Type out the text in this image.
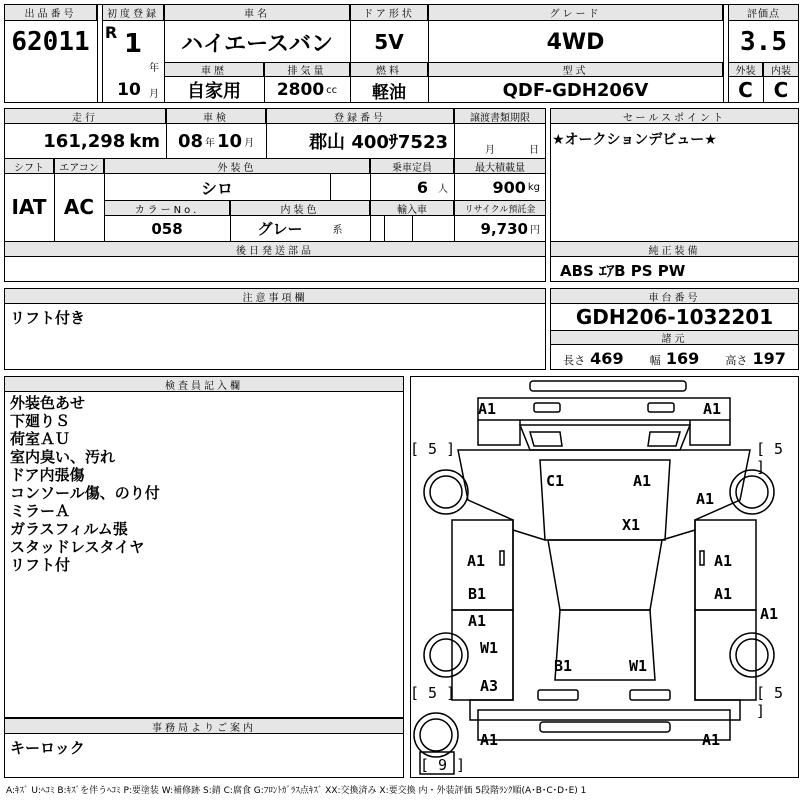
出品番号
62011
初度登録
R 1
年
10 月
車名
ハイエースバン
車歴	排気量
自家用	2800 cc
ドア形状
5V
燃料
軽油
グレード
4WD
型式
QDF-GDH206V
評価点
3.5
外装	内装
C	C
走行
161,298 km
車検
08 年 10 月
登録番号
郡山 400ｻ7523
譲渡書類期限
月	日
シフト	エアコン
IAT AC
外装色
シロ
乗車定員
6 人
最大積載量
900 kg
カラーNo.	内装色	輸入車	リサイクル預託金
058	グレー	系	9,730 円
後日発送部品
セールスポイント
★オークションデビュー★
純正装備
ABS ｴｱB PS PW
注意事項欄
リフト付き
車台番号
GDH206-1032201
諸元
長さ 469 幅 169 高さ 197
検査員記入欄
外装色あせ
下廻りＳ
荷室ＡＵ
室内臭い、汚れ
ドア内張傷
コンソール傷、のり付
ミラーＡ
ガラスフィルム張
スタッドレスタイヤ
リフト付
事務局よりご案内
キーロック
A1	A1
C1	A1
A1
X1
A1	A1
B1	A1
A1	A1
W1
B1	W1
A3
A1	A1
[ 5 ]	[ 5 ]
[ 5 ]	[ 5 ]
[ 9 ]
A:ｷｽﾞ U:ﾍｺﾐ B:ｷｽﾞを伴うﾍｺﾐ P:要塗装 W:補修跡 S:錆 C:腐食 G:ﾌﾛﾝﾄｶﾞﾗｽ点ｷｽﾞ XX:交換済み X:要交換 内・外装評価 5段階ﾗﾝｸ順(A･B･C･D･E) 1
